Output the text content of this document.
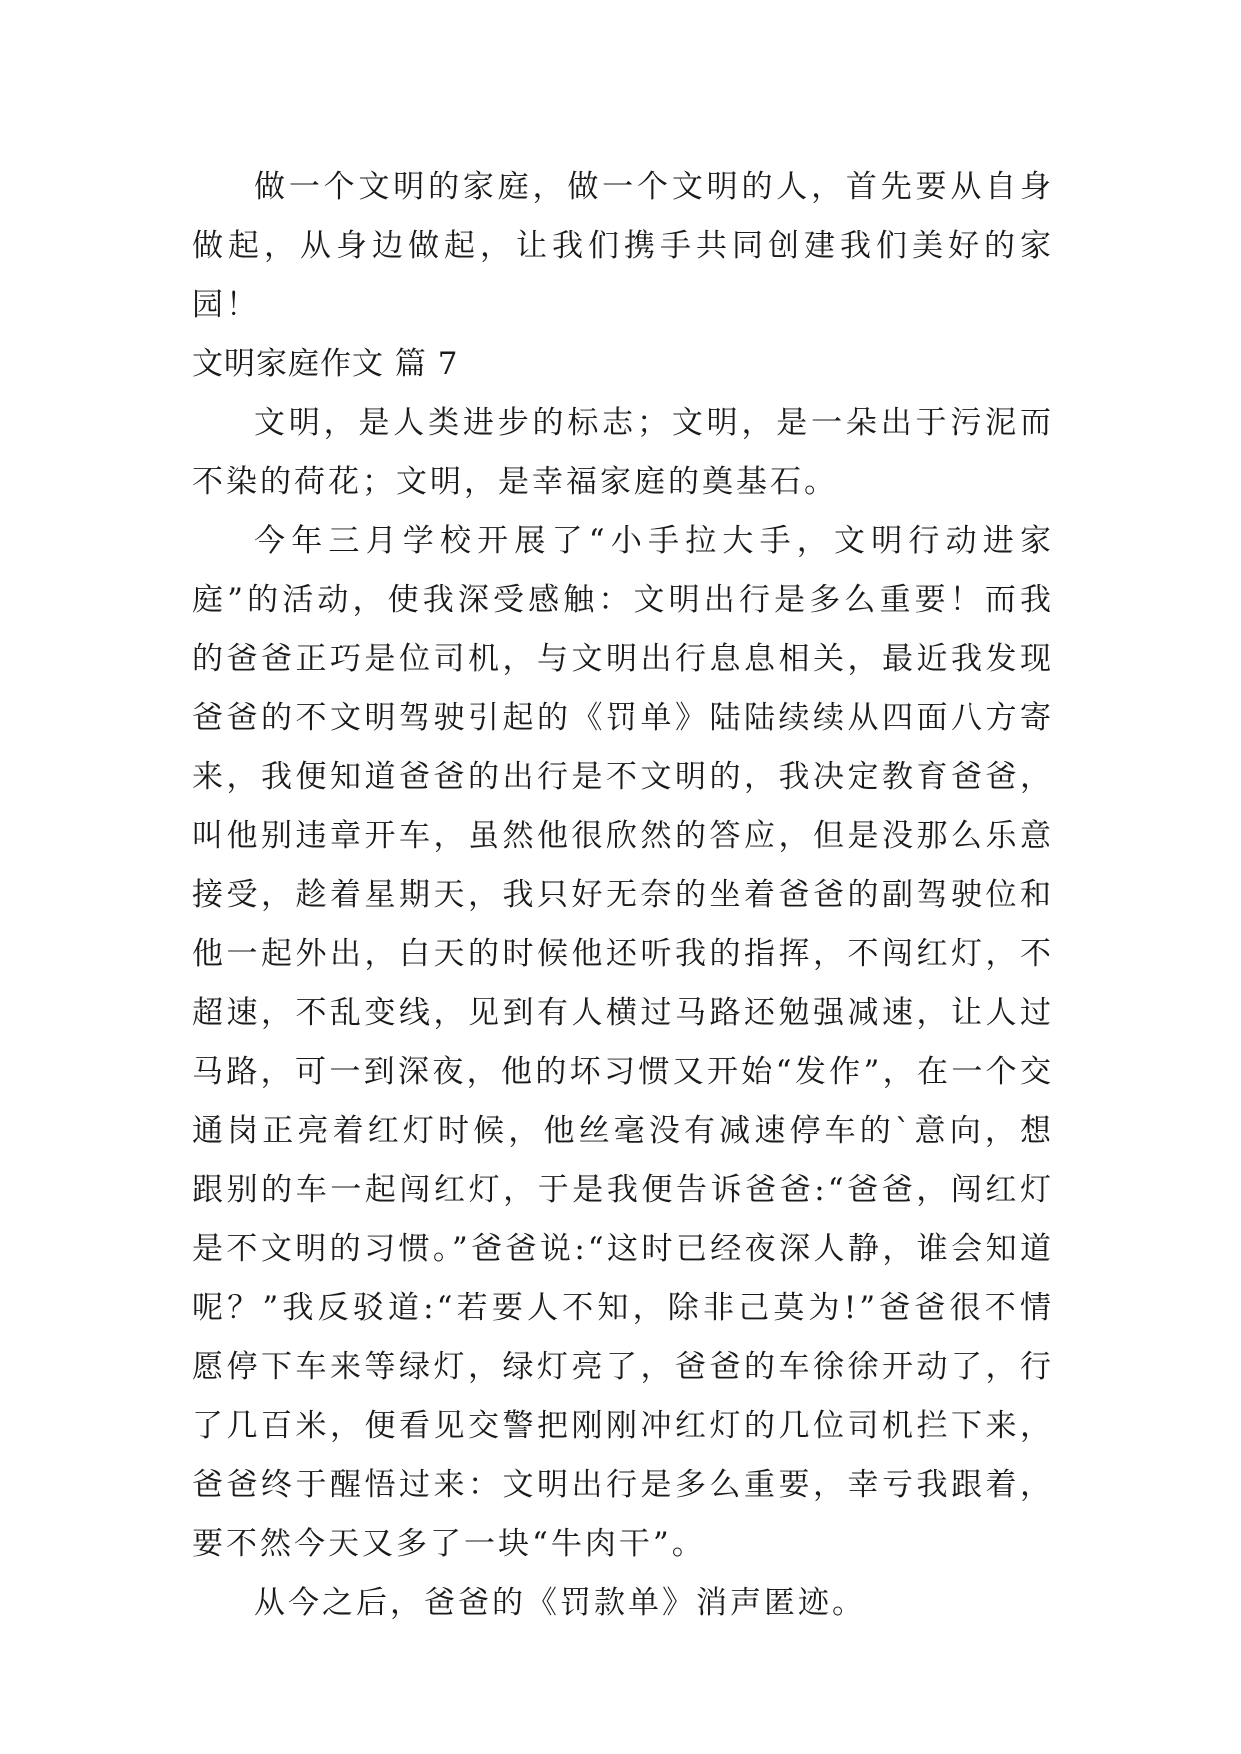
做一个文明的家庭，做一个文明的人，首先要从自身做起，从身边做起，让我们携手共同创建我们美好的家园！

文明家庭作文 篇 7

文明，是人类进步的标志；文明，是一朵出于污泥而不染的荷花；文明，是幸福家庭的奠基石。

今年三月学校开展了“小手拉大手，文明行动进家庭”的活动，使我深受感触：文明出行是多么重要！而我的爸爸正巧是位司机，与文明出行息息相关，最近我发现爸爸的不文明驾驶引起的《罚单》陆陆续续从四面八方寄来，我便知道爸爸的出行是不文明的，我决定教育爸爸，叫他别违章开车，虽然他很欣然的答应，但是没那么乐意接受，趁着星期天，我只好无奈的坐着爸爸的副驾驶位和他一起外出，白天的时候他还听我的指挥，不闯红灯，不超速，不乱变线，见到有人横过马路还勉强减速，让人过马路，可一到深夜，他的坏习惯又开始“发作”，在一个交通岗正亮着红灯时候，他丝毫没有减速停车的`意向，想跟别的车一起闯红灯，于是我便告诉爸爸:“爸爸，闯红灯是不文明的习惯。”爸爸说:“这时已经夜深人静，谁会知道呢？”我反驳道:“若要人不知，除非己莫为!”爸爸很不情愿停下车来等绿灯，绿灯亮了，爸爸的车徐徐开动了，行了几百米，便看见交警把刚刚冲红灯的几位司机拦下来，爸爸终于醒悟过来：文明出行是多么重要，幸亏我跟着，要不然今天又多了一块“牛肉干”。

从今之后，爸爸的《罚款单》消声匿迹。
